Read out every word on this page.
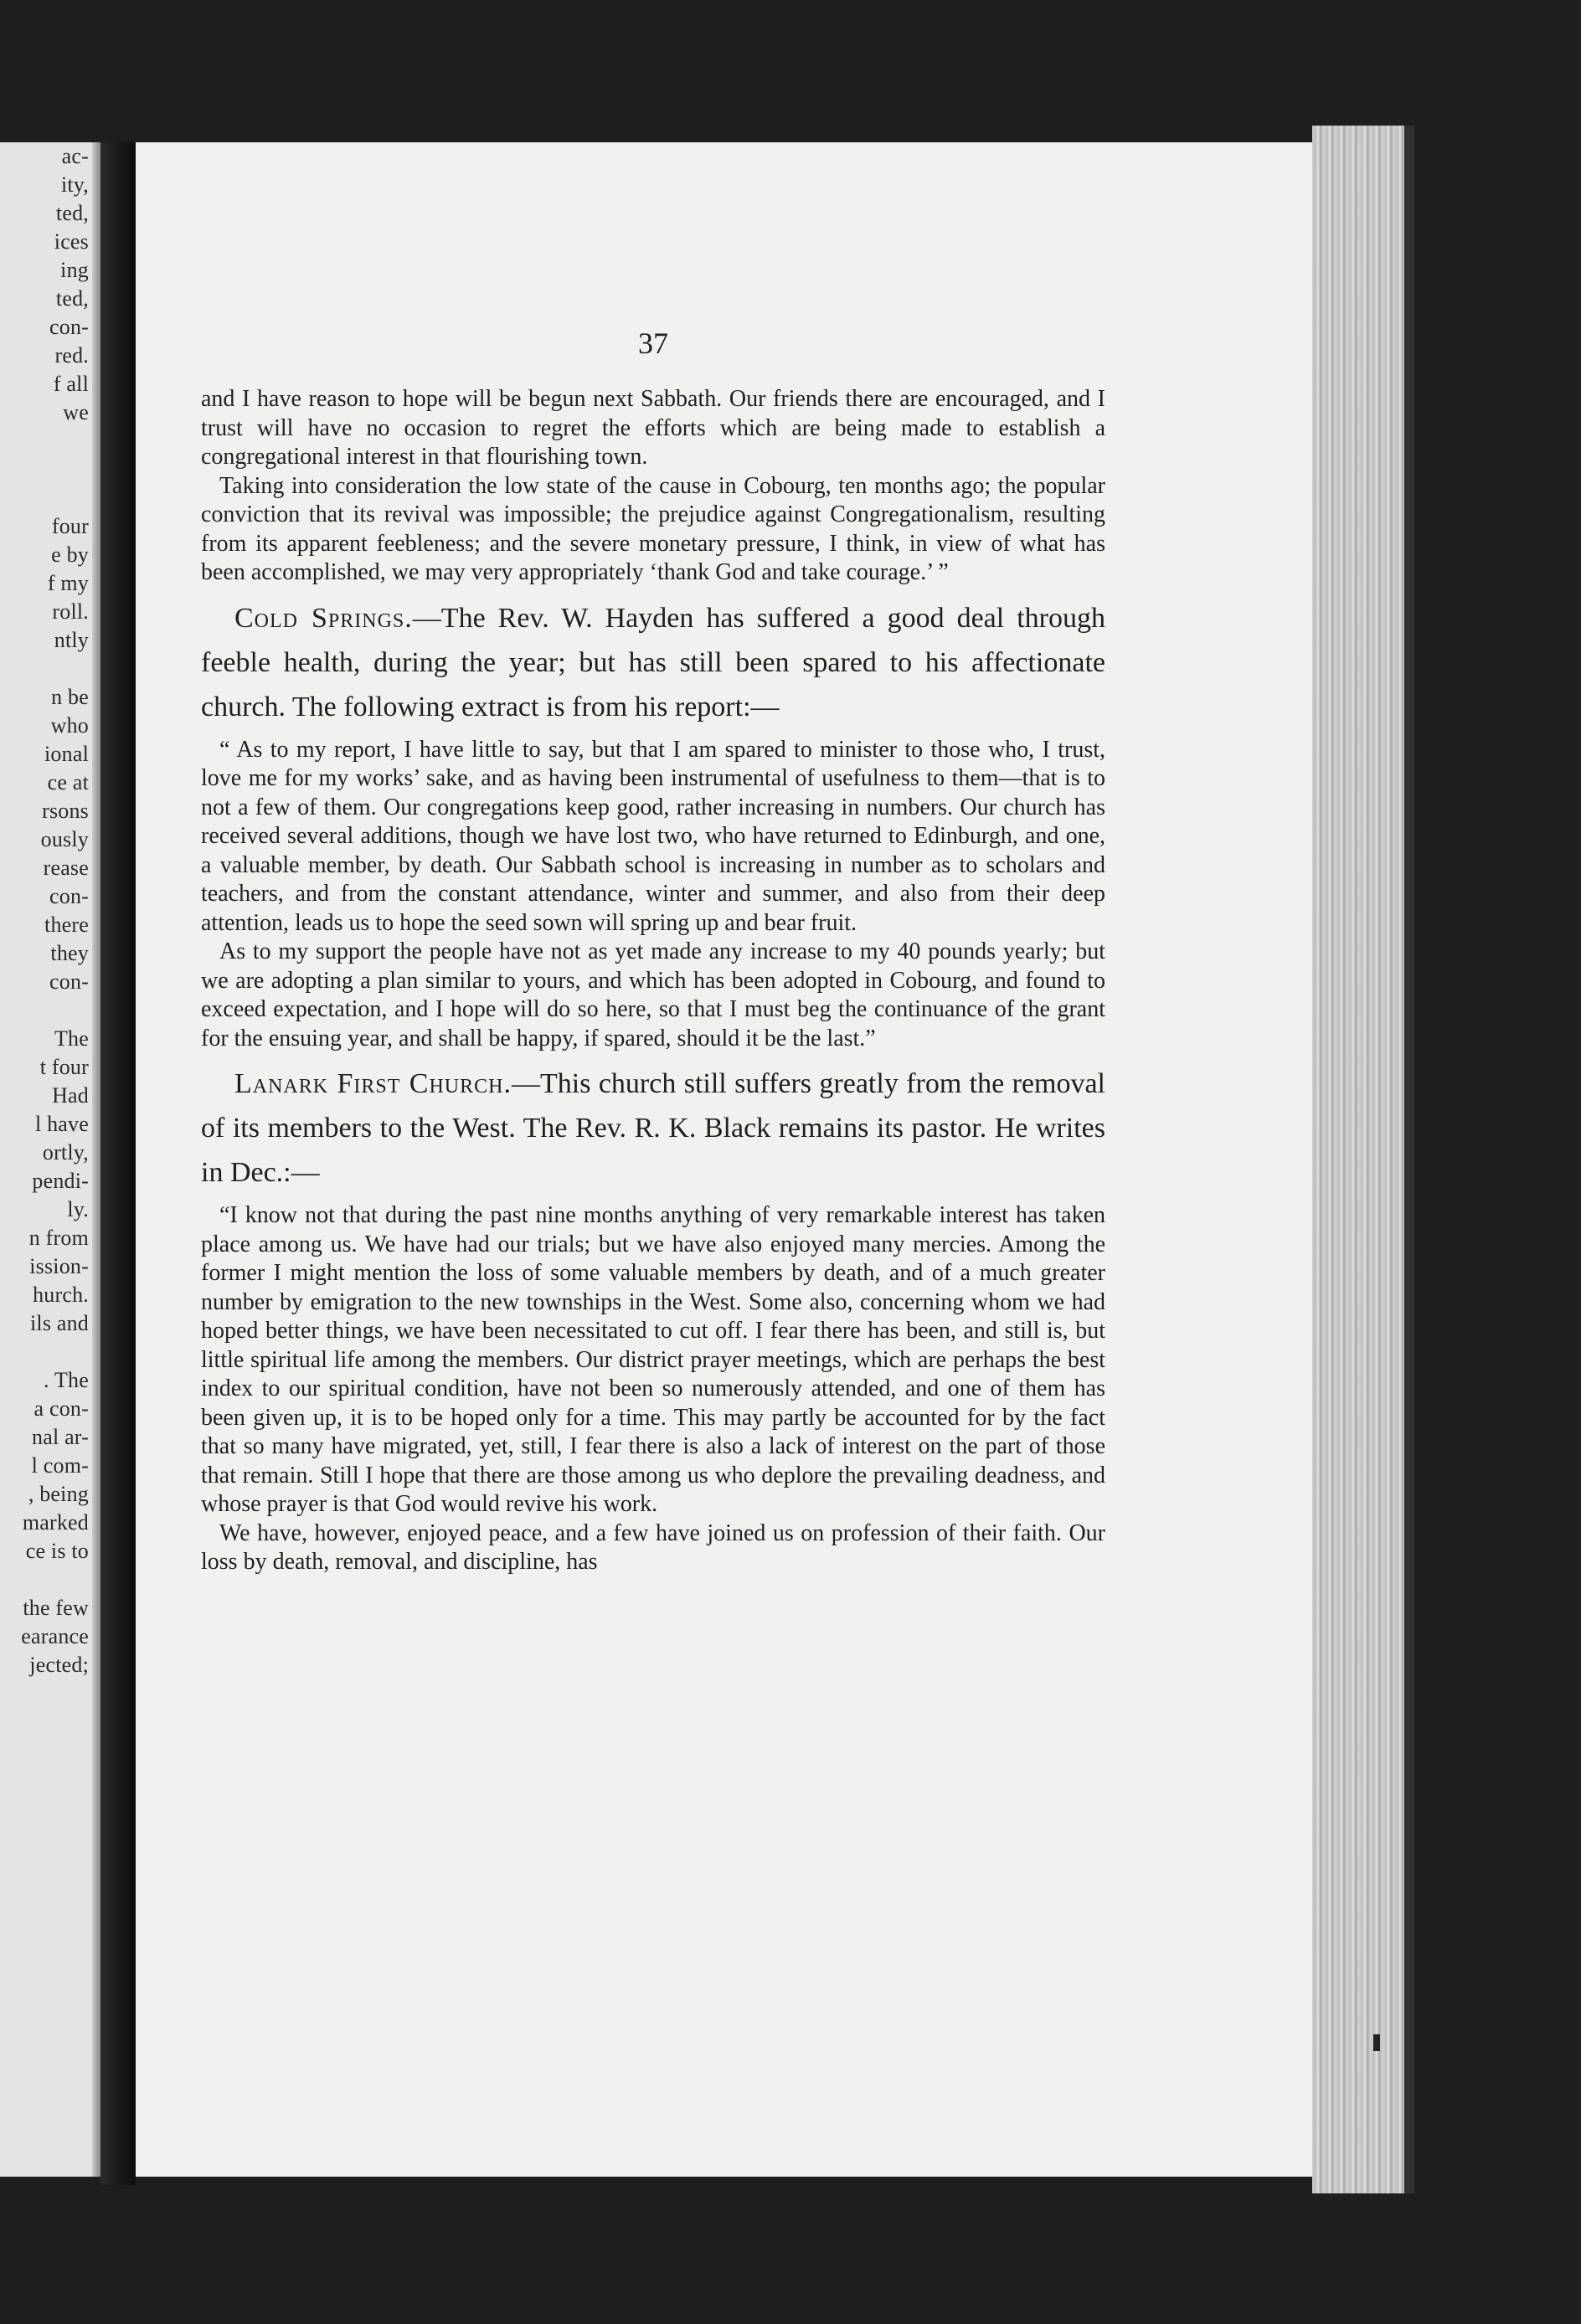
ac-
ity,
ted,
ices
ing
ted,
con-
red.
f all
we
four
e by
f my
roll.
ntly
n be
who
ional
ce at
rsons
ously
rease
con-
there
they
con-
The
t four
Had
l have
ortly,
pendi-
ly.
n from
ission-
hurch.
ils and
. The
a con-
nal ar-
l com-
, being
marked
ce is to
the few
earance
jected;
37

and I have reason to hope will be begun next Sabbath. Our friends there are encouraged, and I trust will have no occasion to regret the efforts which are being made to establish a congregational interest in that flourishing town.

Taking into consideration the low state of the cause in Cobourg, ten months ago; the popular conviction that its revival was impossible; the prejudice against Congregationalism, resulting from its apparent feebleness; and the severe monetary pressure, I think, in view of what has been accomplished, we may very appropriately ‘thank God and take courage.’ ”

Cold Springs.—The Rev. W. Hayden has suffered a good deal through feeble health, during the year; but has still been spared to his affectionate church. The following extract is from his report:—

“ As to my report, I have little to say, but that I am spared to minister to those who, I trust, love me for my works’ sake, and as having been instrumental of usefulness to them—that is to not a few of them. Our congregations keep good, rather increasing in numbers. Our church has received several additions, though we have lost two, who have returned to Edinburgh, and one, a valuable member, by death. Our Sabbath school is increasing in number as to scholars and teachers, and from the constant attendance, winter and summer, and also from their deep attention, leads us to hope the seed sown will spring up and bear fruit.

As to my support the people have not as yet made any increase to my 40 pounds yearly; but we are adopting a plan similar to yours, and which has been adopted in Cobourg, and found to exceed expectation, and I hope will do so here, so that I must beg the continuance of the grant for the ensuing year, and shall be happy, if spared, should it be the last.”

Lanark First Church.—This church still suffers greatly from the removal of its members to the West. The Rev. R. K. Black remains its pastor. He writes in Dec.:—

“I know not that during the past nine months anything of very remarkable interest has taken place among us. We have had our trials; but we have also enjoyed many mercies. Among the former I might mention the loss of some valuable members by death, and of a much greater number by emigration to the new townships in the West. Some also, concerning whom we had hoped better things, we have been necessitated to cut off. I fear there has been, and still is, but little spiritual life among the members. Our district prayer meetings, which are perhaps the best index to our spiritual condition, have not been so numerously attended, and one of them has been given up, it is to be hoped only for a time. This may partly be accounted for by the fact that so many have migrated, yet, still, I fear there is also a lack of interest on the part of those that remain. Still I hope that there are those among us who deplore the prevailing deadness, and whose prayer is that God would revive his work.

We have, however, enjoyed peace, and a few have joined us on profession of their faith. Our loss by death, removal, and discipline, has
